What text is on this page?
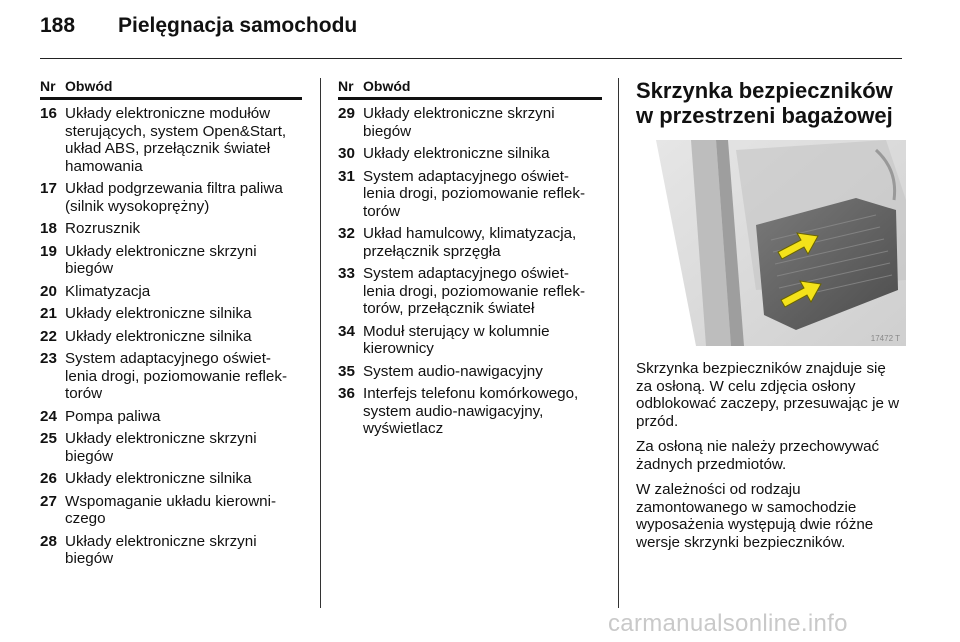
188	Pielęgnacja samochodu
Nr Obwód
16 Układy elektroniczne modułów sterujących, system Open&Start, układ ABS, przełącznik świateł hamowania
17 Układ podgrzewania filtra paliwa (silnik wysokoprężny)
18 Rozrusznik
19 Układy elektroniczne skrzyni biegów
20 Klimatyzacja
21 Układy elektroniczne silnika
22 Układy elektroniczne silnika
23 System adaptacyjnego oświet- lenia drogi, poziomowanie reflek- torów
24 Pompa paliwa
25 Układy elektroniczne skrzyni biegów
26 Układy elektroniczne silnika
27 Wspomaganie układu kierowni- czego
28 Układy elektroniczne skrzyni biegów
Nr Obwód
29 Układy elektroniczne skrzyni biegów
30 Układy elektroniczne silnika
31 System adaptacyjnego oświet- lenia drogi, poziomowanie reflek- torów
32 Układ hamulcowy, klimatyzacja, przełącznik sprzęgła
33 System adaptacyjnego oświet- lenia drogi, poziomowanie reflek- torów, przełącznik świateł
34 Moduł sterujący w kolumnie kierownicy
35 System audio-nawigacyjny
36 Interfejs telefonu komórkowego, system audio-nawigacyjny, wyświetlacz
Skrzynka bezpieczników w przestrzeni bagażowej
17472 T

Skrzynka bezpieczników znajduje się za osłoną. W celu zdjęcia osłony odblokować zaczepy, przesuwając je w przód.

Za osłoną nie należy przechowywać żadnych przedmiotów.

W zależności od rodzaju zamontowanego w samochodzie wyposażenia występują dwie różne wersje skrzynki bezpieczników.

carmanualsonline.info
